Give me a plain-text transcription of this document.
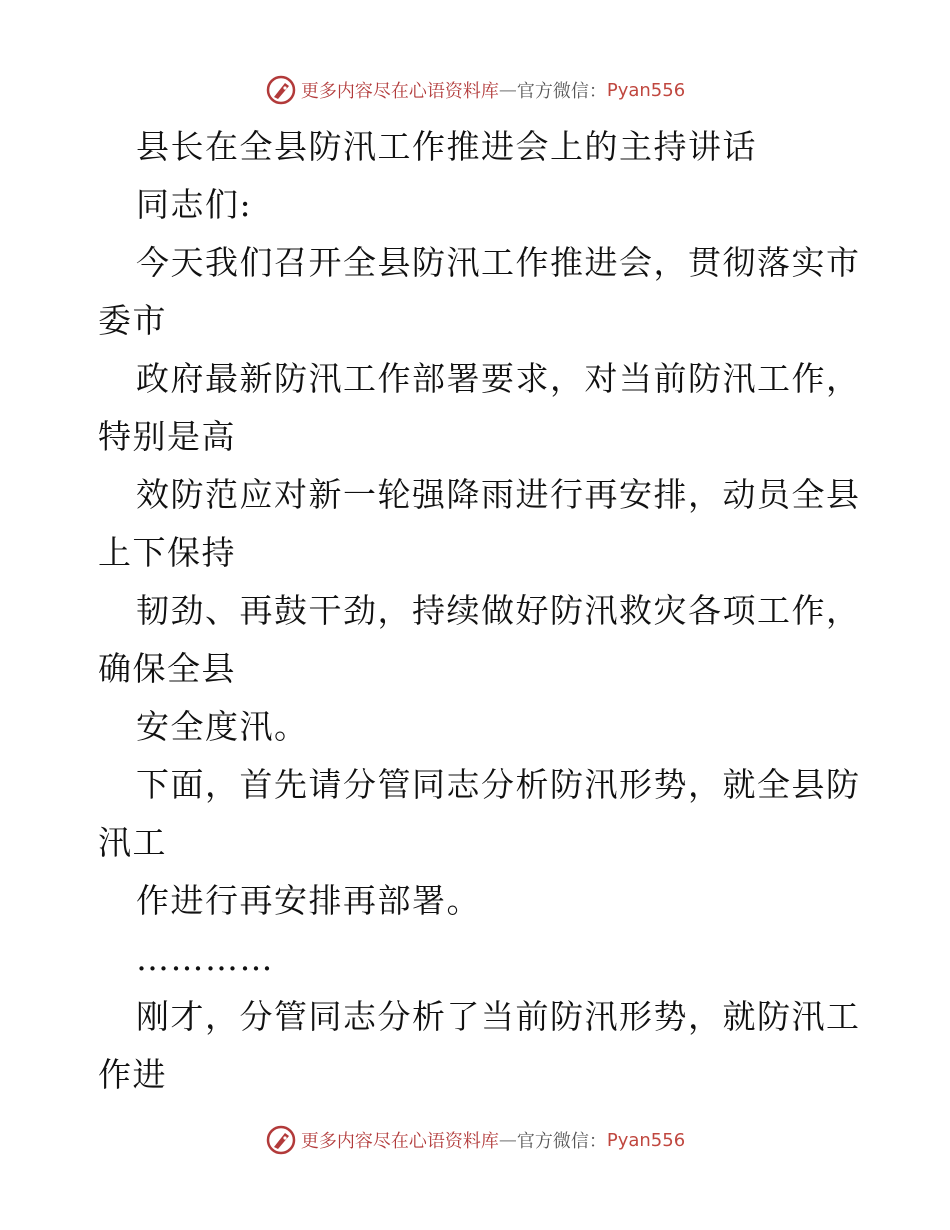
更多内容尽在心语资料库 — 官方微信： Pyan556

县长在全县防汛工作推进会上的主持讲话

同志们:

今天我们召开全县防汛工作推进会，贯彻落实市

委市

政府最新防汛工作部署要求，对当前防汛工作，

特别是高

效防范应对新一轮强降雨进行再安排，动员全县

上下保持

韧劲、再鼓干劲，持续做好防汛救灾各项工作，

确保全县

安全度汛。

下面，首先请分管同志分析防汛形势，就全县防

汛工

作进行再安排再部署。

…………

刚才，分管同志分析了当前防汛形势，就防汛工

作进

更多内容尽在心语资料库 — 官方微信： Pyan556
